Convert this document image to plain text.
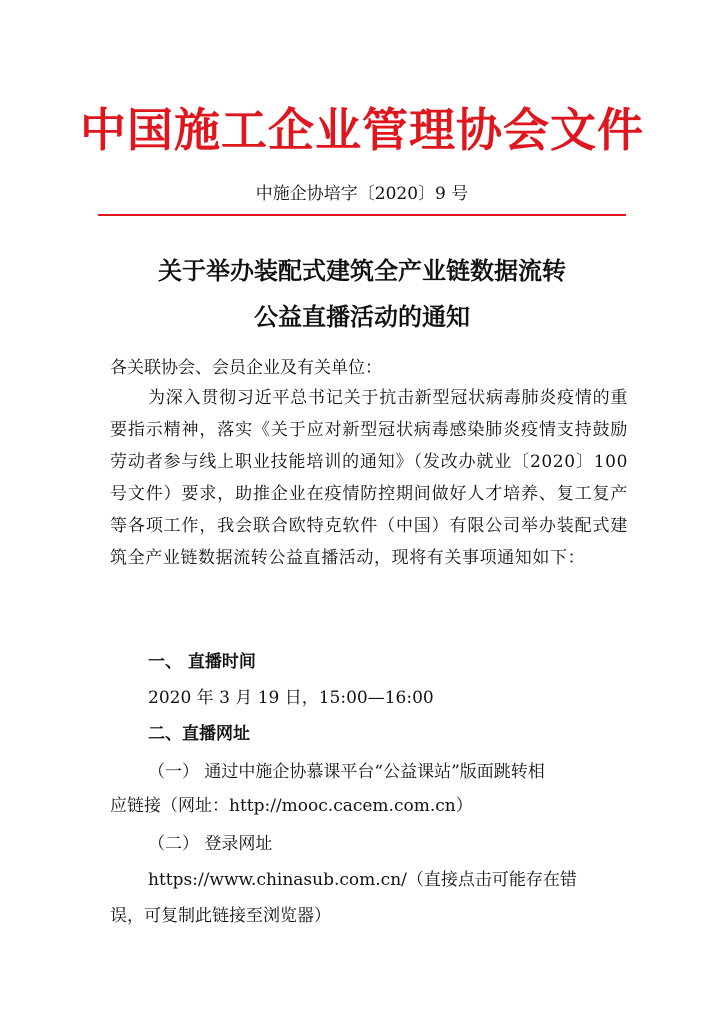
中国施工企业管理协会文件
中施企协培字〔2020〕9 号
关于举办装配式建筑全产业链数据流转
公益直播活动的通知
各关联协会、会员企业及有关单位：

为深入贯彻习近平总书记关于抗击新型冠状病毒肺炎疫情的重要指示精神，落实《关于应对新型冠状病毒感染肺炎疫情支持鼓励劳动者参与线上职业技能培训的通知》（发改办就业〔2020〕100 号文件）要求，助推企业在疫情防控期间做好人才培养、复工复产等各项工作，我会联合欧特克软件（中国）有限公司举办装配式建筑全产业链数据流转公益直播活动，现将有关事项通知如下：

一、 直播时间
2020 年 3 月 19 日，15:00—16:00
二、直播网址
（一） 通过中施企协慕课平台“公益课站”版面跳转相
应链接（网址：http://mooc.cacem.com.cn）
（二） 登录网址
https://www.chinasub.com.cn/（直接点击可能存在错
误，可复制此链接至浏览器）
